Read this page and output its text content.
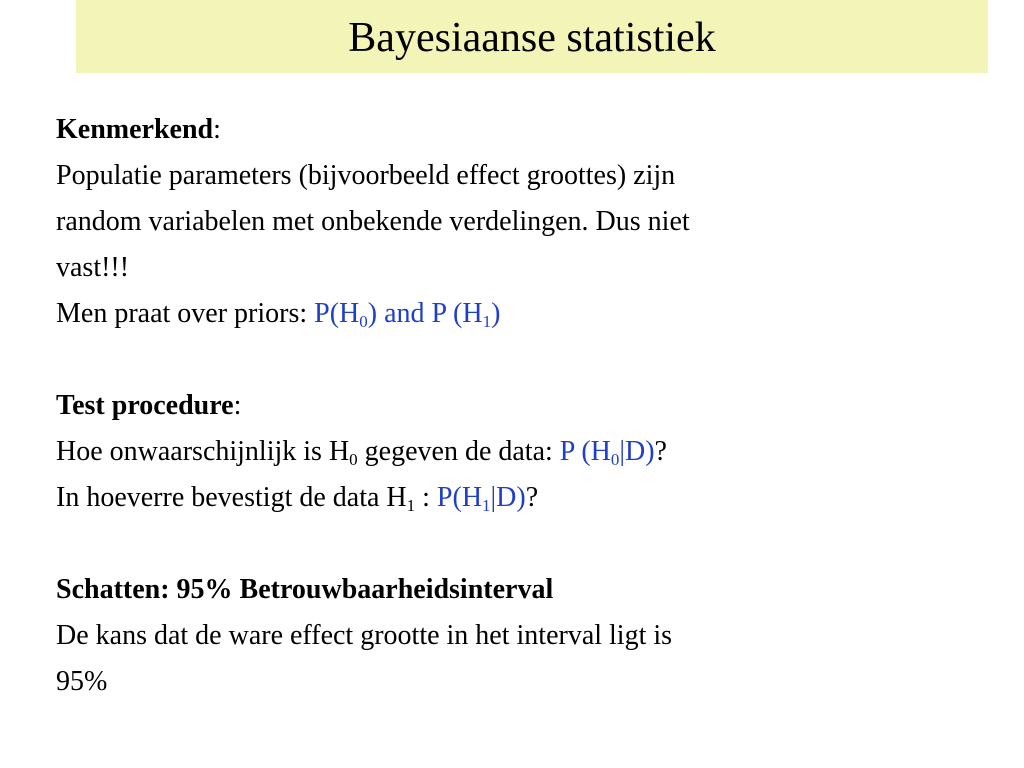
Bayesiaanse statistiek

Kenmerkend:

Populatie parameters (bijvoorbeeld effect groottes) zijn

random variabelen met onbekende verdelingen. Dus niet

vast!!!

Men praat over priors: $P(H_0)$ and P $(H_1)$

Test procedure:

Hoe onwaarschijnlijk is $H_0$ gegeven de data: P $(H_0|D)$?

In hoeverre bevestigt de data $H_1$ : $P(H_1|D)$?

Schatten: 95% Betrouwbaarheidsinterval

De kans dat de ware effect grootte in het interval ligt is

95%
